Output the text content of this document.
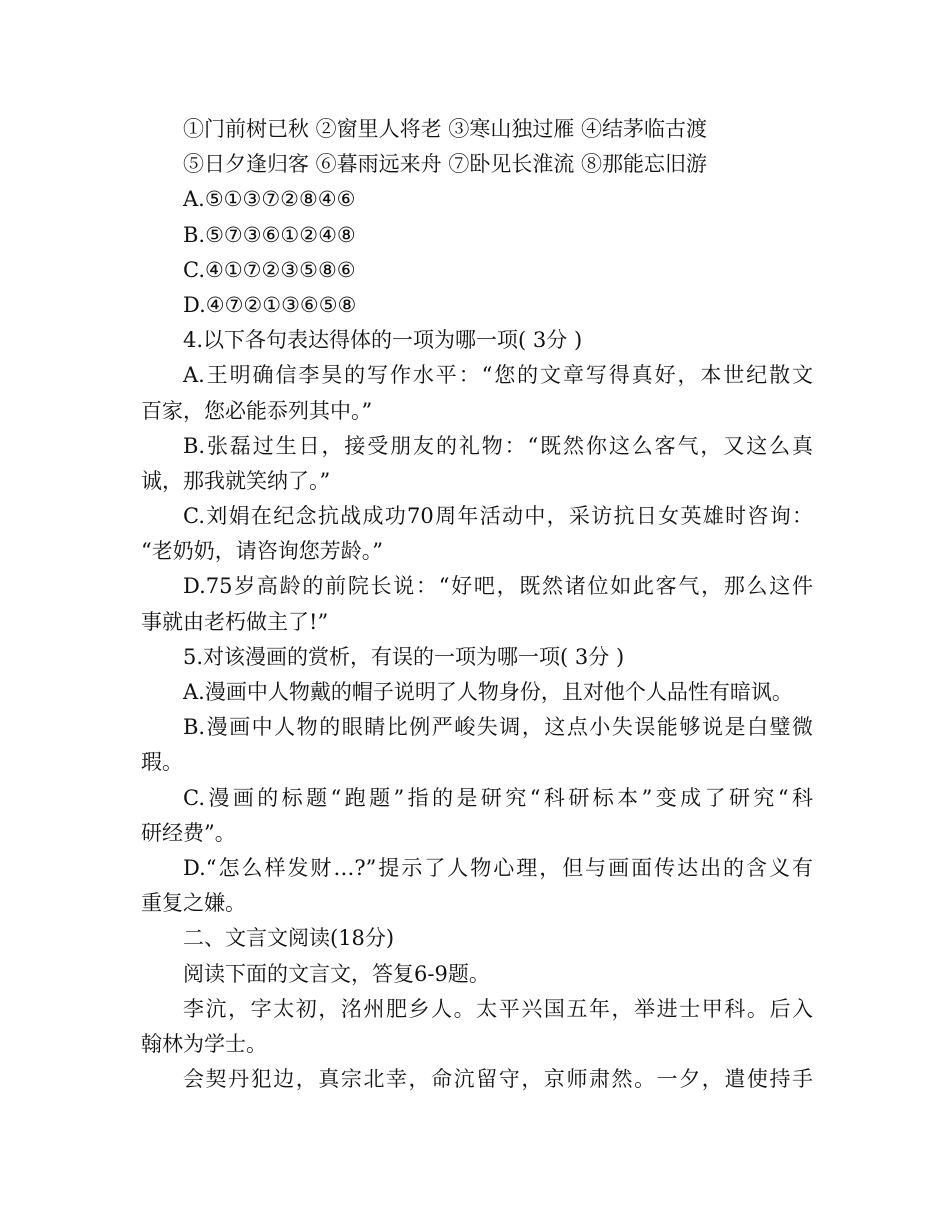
①门前树已秋 ②窗里人将老 ③寒山独过雁 ④结茅临古渡
⑤日夕逢归客 ⑥暮雨远来舟 ⑦卧见长淮流 ⑧那能忘旧游
A.⑤①③⑦②⑧④⑥
B.⑤⑦③⑥①②④⑧
C.④①⑦②③⑤⑧⑥
D.④⑦②①③⑥⑤⑧
4.以下各句表达得体的一项为哪一项( 3分 )
A.王明确信李昊的写作水平：“您的文章写得真好，本世纪散文
百家，您必能忝列其中。”
B.张磊过生日，接受朋友的礼物：“既然你这么客气，又这么真
诚，那我就笑纳了。”
C.刘娟在纪念抗战成功70周年活动中，采访抗日女英雄时咨询：
“老奶奶，请咨询您芳龄。”
D.75岁高龄的前院长说：“好吧，既然诸位如此客气，那么这件
事就由老朽做主了!”
5.对该漫画的赏析，有误的一项为哪一项( 3分 )
A.漫画中人物戴的帽子说明了人物身份，且对他个人品性有暗讽。
B.漫画中人物的眼睛比例严峻失调，这点小失误能够说是白璧微
瑕。
C.漫画的标题“跑题”指的是研究“科研标本”变成了研究“科
研经费”。
D.“怎么样发财…?”提示了人物心理，但与画面传达出的含义有
重复之嫌。
二、文言文阅读(18分)
阅读下面的文言文，答复6-9题。
李沆，字太初，洺州肥乡人。太平兴国五年，举进士甲科。后入
翰林为学士。
会契丹犯边，真宗北幸，命沆留守，京师肃然。一夕，遣使持手
